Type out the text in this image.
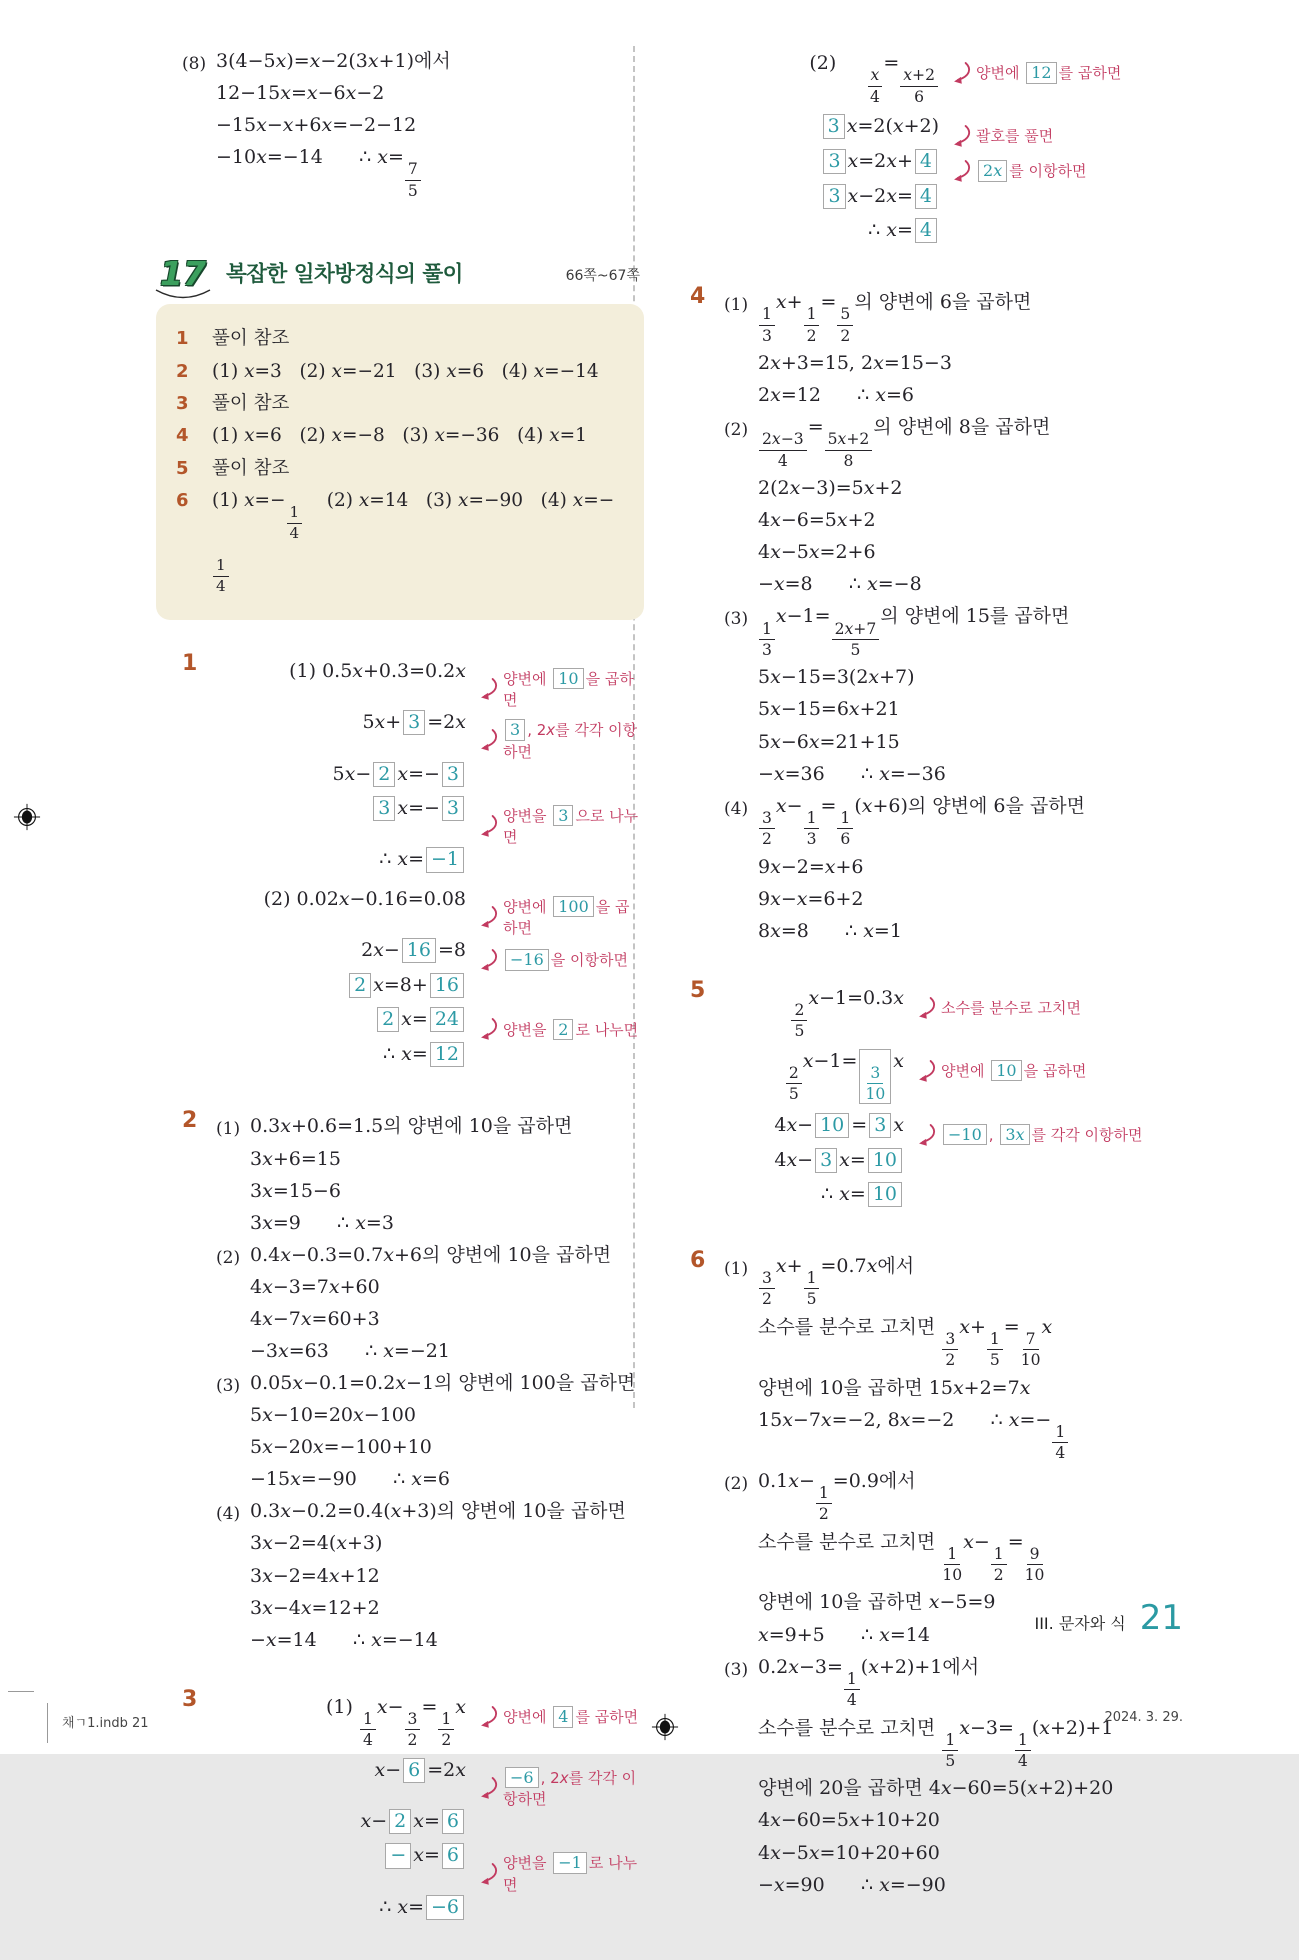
(8) 3(4−5x)=x−2(3x+1)에서
12−15x=x−6x−2
−15x−x+6x=−2−12
−10x=−14      ∴ x=
$\frac{7}{5}$
17 복잡한 일차방정식의 풀이	66쪽~67쪽
1	풀이 참조
2	(1) x=3   (2) x=−21   (3) x=6   (4) x=−14
3	풀이 참조
4	(1) x=6   (2) x=−8   (3) x=−36   (4) x=1
5	풀이 참조
6	(1) x=−
$\frac{1}{4}$
(2) x=14   (3) x=−90   (4) x=−
$\frac{1}{4}$
1	(1) 0.5x+0.3=0.2x 양변에 10 을 곱하면
5x+ 3 =2x	3 , 2x를 각각 이항하면
5x− 2 x=− 3
3 x=− 3	양변을 3 으로 나누면
∴ x= −1
(2) 0.02x−0.16=0.08 양변에 100 을 곱하면
2x− 16 =8	−16 을 이항하면
2 x=8+ 16
2 x= 24	양변을 2 로 나누면
∴ x= 12
2	(1) 0.3x+0.6=1.5의 양변에 10을 곱하면
3x+6=15
3x=15−6
3x=9      ∴ x=3
(2) 0.4x−0.3=0.7x+6의 양변에 10을 곱하면
4x−3=7x+60
4x−7x=60+3
−3x=63      ∴ x=−21
(3) 0.05x−0.1=0.2x−1의 양변에 100을 곱하면
5x−10=20x−100
5x−20x=−100+10
−15x=−90      ∴ x=6
(4) 0.3x−0.2=0.4(x+3)의 양변에 10을 곱하면
3x−2=4(x+3)
3x−2=4x+12
3x−4x=12+2
−x=14      ∴ x=−14
3	(1)
$\frac{1}{4}$
x−
$\frac{3}{2}$
=
$\frac{1}{2}$
x 양변에 4 를 곱하면
x− 6 =2x	−6 , 2x를 각각 이항하면
x− 2 x= 6
− x= 6	양변을 −1 로 나누면
∴ x= −6
(2)
$\frac{x}{4}$
=
$\frac{x+2}{6}$	양변에 12 를 곱하면
3 x=2(x+2) 괄호를 풀면
3 x=2x+ 4	2x 를 이항하면
3 x−2x= 4
∴ x= 4
4	(1)
$\frac{1}{3}$
x+
$\frac{1}{2}$
=
$\frac{5}{2}$
의 양변에 6을 곱하면
2x+3=15, 2x=15−3
2x=12      ∴ x=6
(2)
$\frac{2x-3}{4}$
=
$\frac{5x+2}{8}$
의 양변에 8을 곱하면
2(2x−3)=5x+2
4x−6=5x+2
4x−5x=2+6
−x=8      ∴ x=−8
(3)
$\frac{1}{3}$
x−1=
$\frac{2x+7}{5}$
의 양변에 15를 곱하면
5x−15=3(2x+7)
5x−15=6x+21
5x−6x=21+15
−x=36      ∴ x=−36
(4)
$\frac{3}{2}$
x−
$\frac{1}{3}$
=
$\frac{1}{6}$
(x+6)의 양변에 6을 곱하면
9x−2=x+6
9x−x=6+2
8x=8      ∴ x=1
5
$\frac{2}{5}$
x−1=0.3x 소수를 분수로 고치면
$\frac{2}{5}$
x−1=
$\frac{3}{10}$
x 양변에 10 을 곱하면
4x− 10 = 3 x	−10 , 3x 를 각각 이항하면
4x− 3 x= 10
∴ x= 10
6	(1)
$\frac{3}{2}$
x+
$\frac{1}{5}$
=0.7x에서
소수를 분수로 고치면
$\frac{3}{2}$
x+
$\frac{1}{5}$
=
$\frac{7}{10}$
x
양변에 10을 곱하면 15x+2=7x
15x−7x=−2, 8x=−2      ∴ x=−
$\frac{1}{4}$
(2) 0.1x−
$\frac{1}{2}$
=0.9에서
소수를 분수로 고치면
$\frac{1}{10}$
x−
$\frac{1}{2}$
=
$\frac{9}{10}$
양변에 10을 곱하면 x−5=9
x=9+5      ∴ x=14
(3) 0.2x−3=
$\frac{1}{4}$
(x+2)+1에서
소수를 분수로 고치면
$\frac{1}{5}$
x−3=
$\frac{1}{4}$
(x+2)+1
양변에 20을 곱하면 4x−60=5(x+2)+20
4x−60=5x+10+20
4x−5x=10+20+60
−x=90      ∴ x=−90
III. 문자와 식 21
채ㄱ1.indb 21	2024. 3. 29.
